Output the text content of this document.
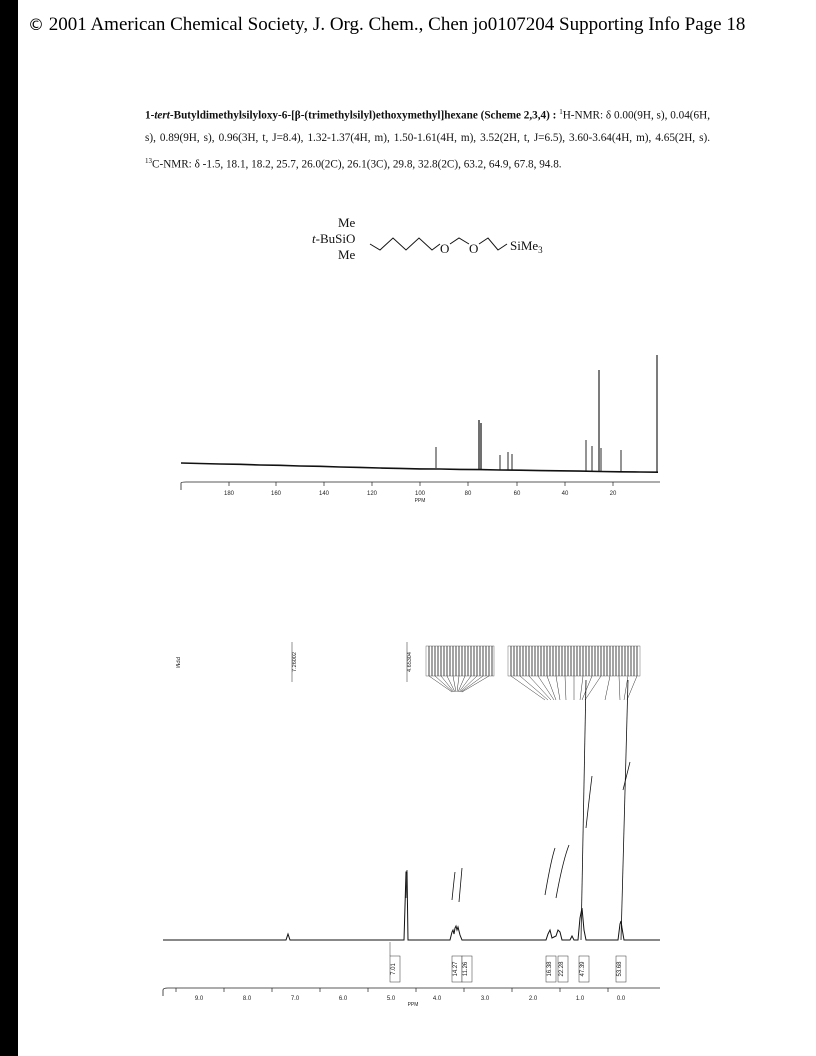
© 2001 American Chemical Society, J. Org. Chem., Chen jo0107204 Supporting Info Page 18
1-tert-Butyldimethylsilyloxy-6-[β-(trimethylsilyl)ethoxymethyl]hexane (Scheme 2,3,4) : $^1$H-NMR: δ 0.00(9H, s), 0.04(6H, s), 0.89(9H, s), 0.96(3H, t, J=8.4), 1.32-1.37(4H, m), 1.50-1.61(4H, m), 3.52(2H, t, J=6.5), 3.60-3.64(4H, m), 4.65(2H, s). $^{13}$C-NMR: δ -1.5, 18.1, 18.2, 25.7, 26.0(2C), 26.1(3C), 29.8, 32.8(2C), 63.2, 64.9, 67.8, 94.8.
Me
t-BuSiO
Me	O O SiMe$_3$
180	160	140	120	100	80	60	40	20
PPM
PPM	7.26002	4.65304
7.01	14.27 11.26	16.38 22.28	47.39	53.68
9.0	8.0	7.0	6.0	5.0	4.0	3.0	2.0	1.0	0.0
PPM
